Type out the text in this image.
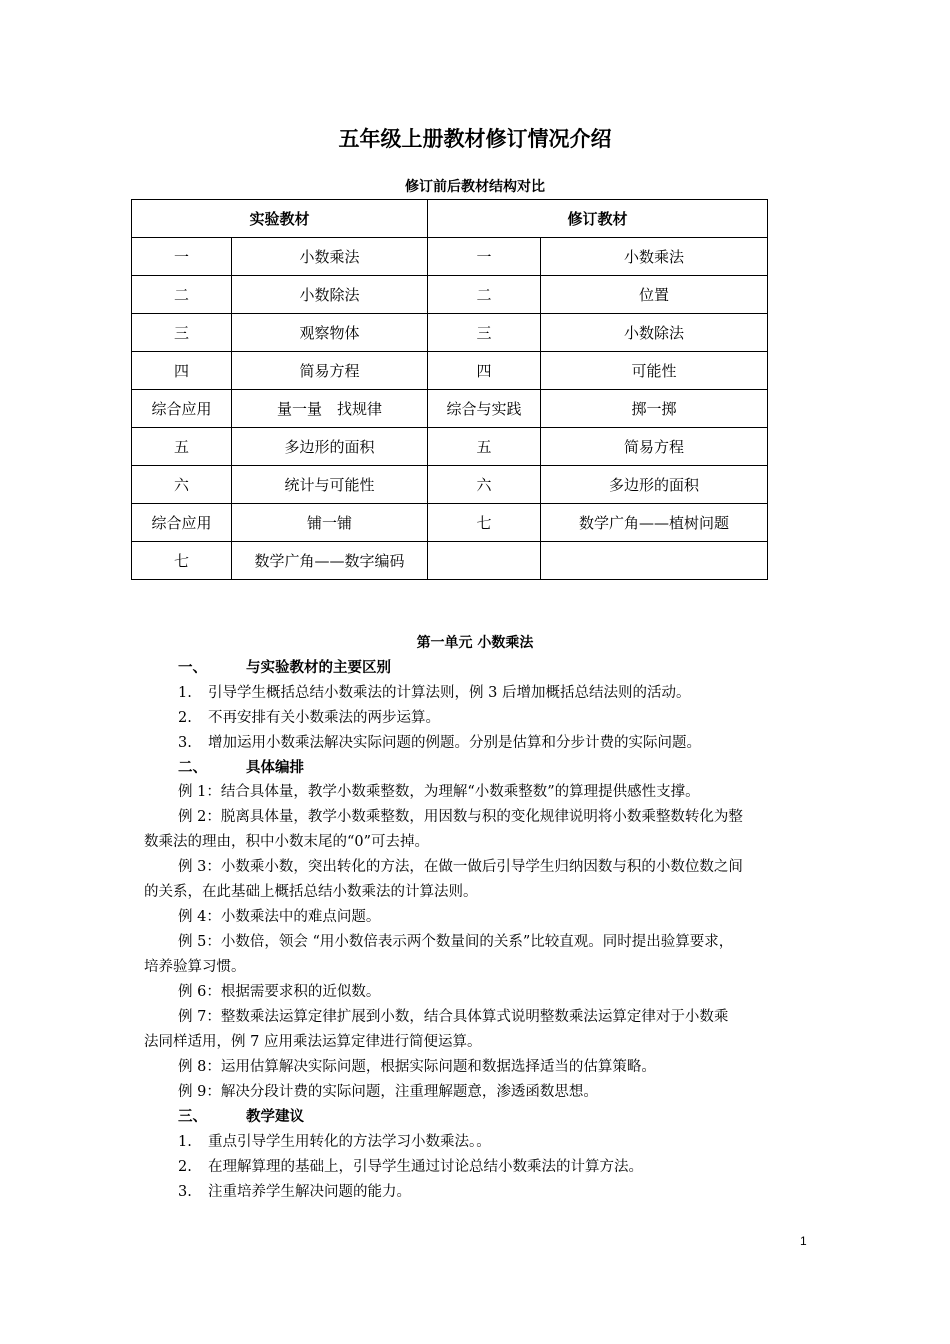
五年级上册教材修订情况介绍
修订前后教材结构对比
实验教材		修订教材	
一	小数乘法	一	小数乘法
二	小数除法	二	位置
三	观察物体	三	小数除法
四	简易方程	四	可能性
综合应用	量一量　找规律	综合与实践	掷一掷
五	多边形的面积	五	简易方程
六	统计与可能性	六	多边形的面积
综合应用	铺一铺	七	数学广角——植树问题
七	数学广角——数字编码		
第一单元 小数乘法
一、	与实验教材的主要区别
1. 引导学生概括总结小数乘法的计算法则，例 3 后增加概括总结法则的活动。
2. 不再安排有关小数乘法的两步运算。
3. 增加运用小数乘法解决实际问题的例题。分别是估算和分步计费的实际问题。
二、	具体编排
例 1：结合具体量，教学小数乘整数，为理解“小数乘整数”的算理提供感性支撑。
例 2：脱离具体量，教学小数乘整数，用因数与积的变化规律说明将小数乘整数转化为整
数乘法的理由，积中小数末尾的“0”可去掉。
例 3：小数乘小数，突出转化的方法，在做一做后引导学生归纳因数与积的小数位数之间
的关系，在此基础上概括总结小数乘法的计算法则。
例 4：小数乘法中的难点问题。
例 5：小数倍，领会 “用小数倍表示两个数量间的关系”比较直观。同时提出验算要求，
培养验算习惯。
例 6：根据需要求积的近似数。
例 7：整数乘法运算定律扩展到小数，结合具体算式说明整数乘法运算定律对于小数乘
法同样适用，例 7 应用乘法运算定律进行简便运算。
例 8：运用估算解决实际问题，根据实际问题和数据选择适当的估算策略。
例 9：解决分段计费的实际问题，注重理解题意，渗透函数思想。
三、	教学建议
1. 重点引导学生用转化的方法学习小数乘法。。
2. 在理解算理的基础上，引导学生通过讨论总结小数乘法的计算方法。
3. 注重培养学生解决问题的能力。
1
